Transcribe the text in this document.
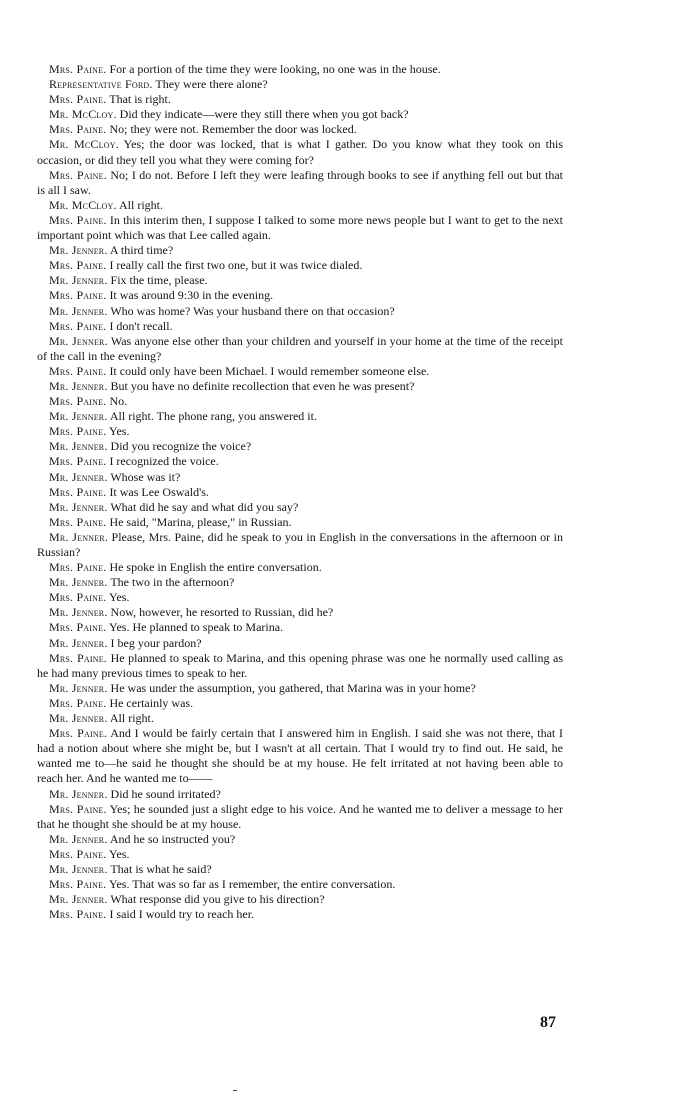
Mrs. Paine. For a portion of the time they were looking, no one was in the house.

Representative Ford. They were there alone?

Mrs. Paine. That is right.

Mr. McCloy. Did they indicate—were they still there when you got back?

Mrs. Paine. No; they were not. Remember the door was locked.

Mr. McCloy. Yes; the door was locked, that is what I gather. Do you know what they took on this occasion, or did they tell you what they were coming for?

Mrs. Paine. No; I do not. Before I left they were leafing through books to see if anything fell out but that is all I saw.

Mr. McCloy. All right.

Mrs. Paine. In this interim then, I suppose I talked to some more news people but I want to get to the next important point which was that Lee called again.

Mr. Jenner. A third time?

Mrs. Paine. I really call the first two one, but it was twice dialed.

Mr. Jenner. Fix the time, please.

Mrs. Paine. It was around 9:30 in the evening.

Mr. Jenner. Who was home? Was your husband there on that occasion?

Mrs. Paine. I don't recall.

Mr. Jenner. Was anyone else other than your children and yourself in your home at the time of the receipt of the call in the evening?

Mrs. Paine. It could only have been Michael. I would remember someone else.

Mr. Jenner. But you have no definite recollection that even he was present?

Mrs. Paine. No.

Mr. Jenner. All right. The phone rang, you answered it.

Mrs. Paine. Yes.

Mr. Jenner. Did you recognize the voice?

Mrs. Paine. I recognized the voice.

Mr. Jenner. Whose was it?

Mrs. Paine. It was Lee Oswald's.

Mr. Jenner. What did he say and what did you say?

Mrs. Paine. He said, "Marina, please," in Russian.

Mr. Jenner. Please, Mrs. Paine, did he speak to you in English in the conversations in the afternoon or in Russian?

Mrs. Paine. He spoke in English the entire conversation.

Mr. Jenner. The two in the afternoon?

Mrs. Paine. Yes.

Mr. Jenner. Now, however, he resorted to Russian, did he?

Mrs. Paine. Yes. He planned to speak to Marina.

Mr. Jenner. I beg your pardon?

Mrs. Paine. He planned to speak to Marina, and this opening phrase was one he normally used calling as he had many previous times to speak to her.

Mr. Jenner. He was under the assumption, you gathered, that Marina was in your home?

Mrs. Paine. He certainly was.

Mr. Jenner. All right.

Mrs. Paine. And I would be fairly certain that I answered him in English. I said she was not there, that I had a notion about where she might be, but I wasn't at all certain. That I would try to find out. He said, he wanted me to—he said he thought she should be at my house. He felt irritated at not having been able to reach her. And he wanted me to——

Mr. Jenner. Did he sound irritated?

Mrs. Paine. Yes; he sounded just a slight edge to his voice. And he wanted me to deliver a message to her that he thought she should be at my house.

Mr. Jenner. And he so instructed you?

Mrs. Paine. Yes.

Mr. Jenner. That is what he said?

Mrs. Paine. Yes. That was so far as I remember, the entire conversation.

Mr. Jenner. What response did you give to his direction?

Mrs. Paine. I said I would try to reach her.

87
